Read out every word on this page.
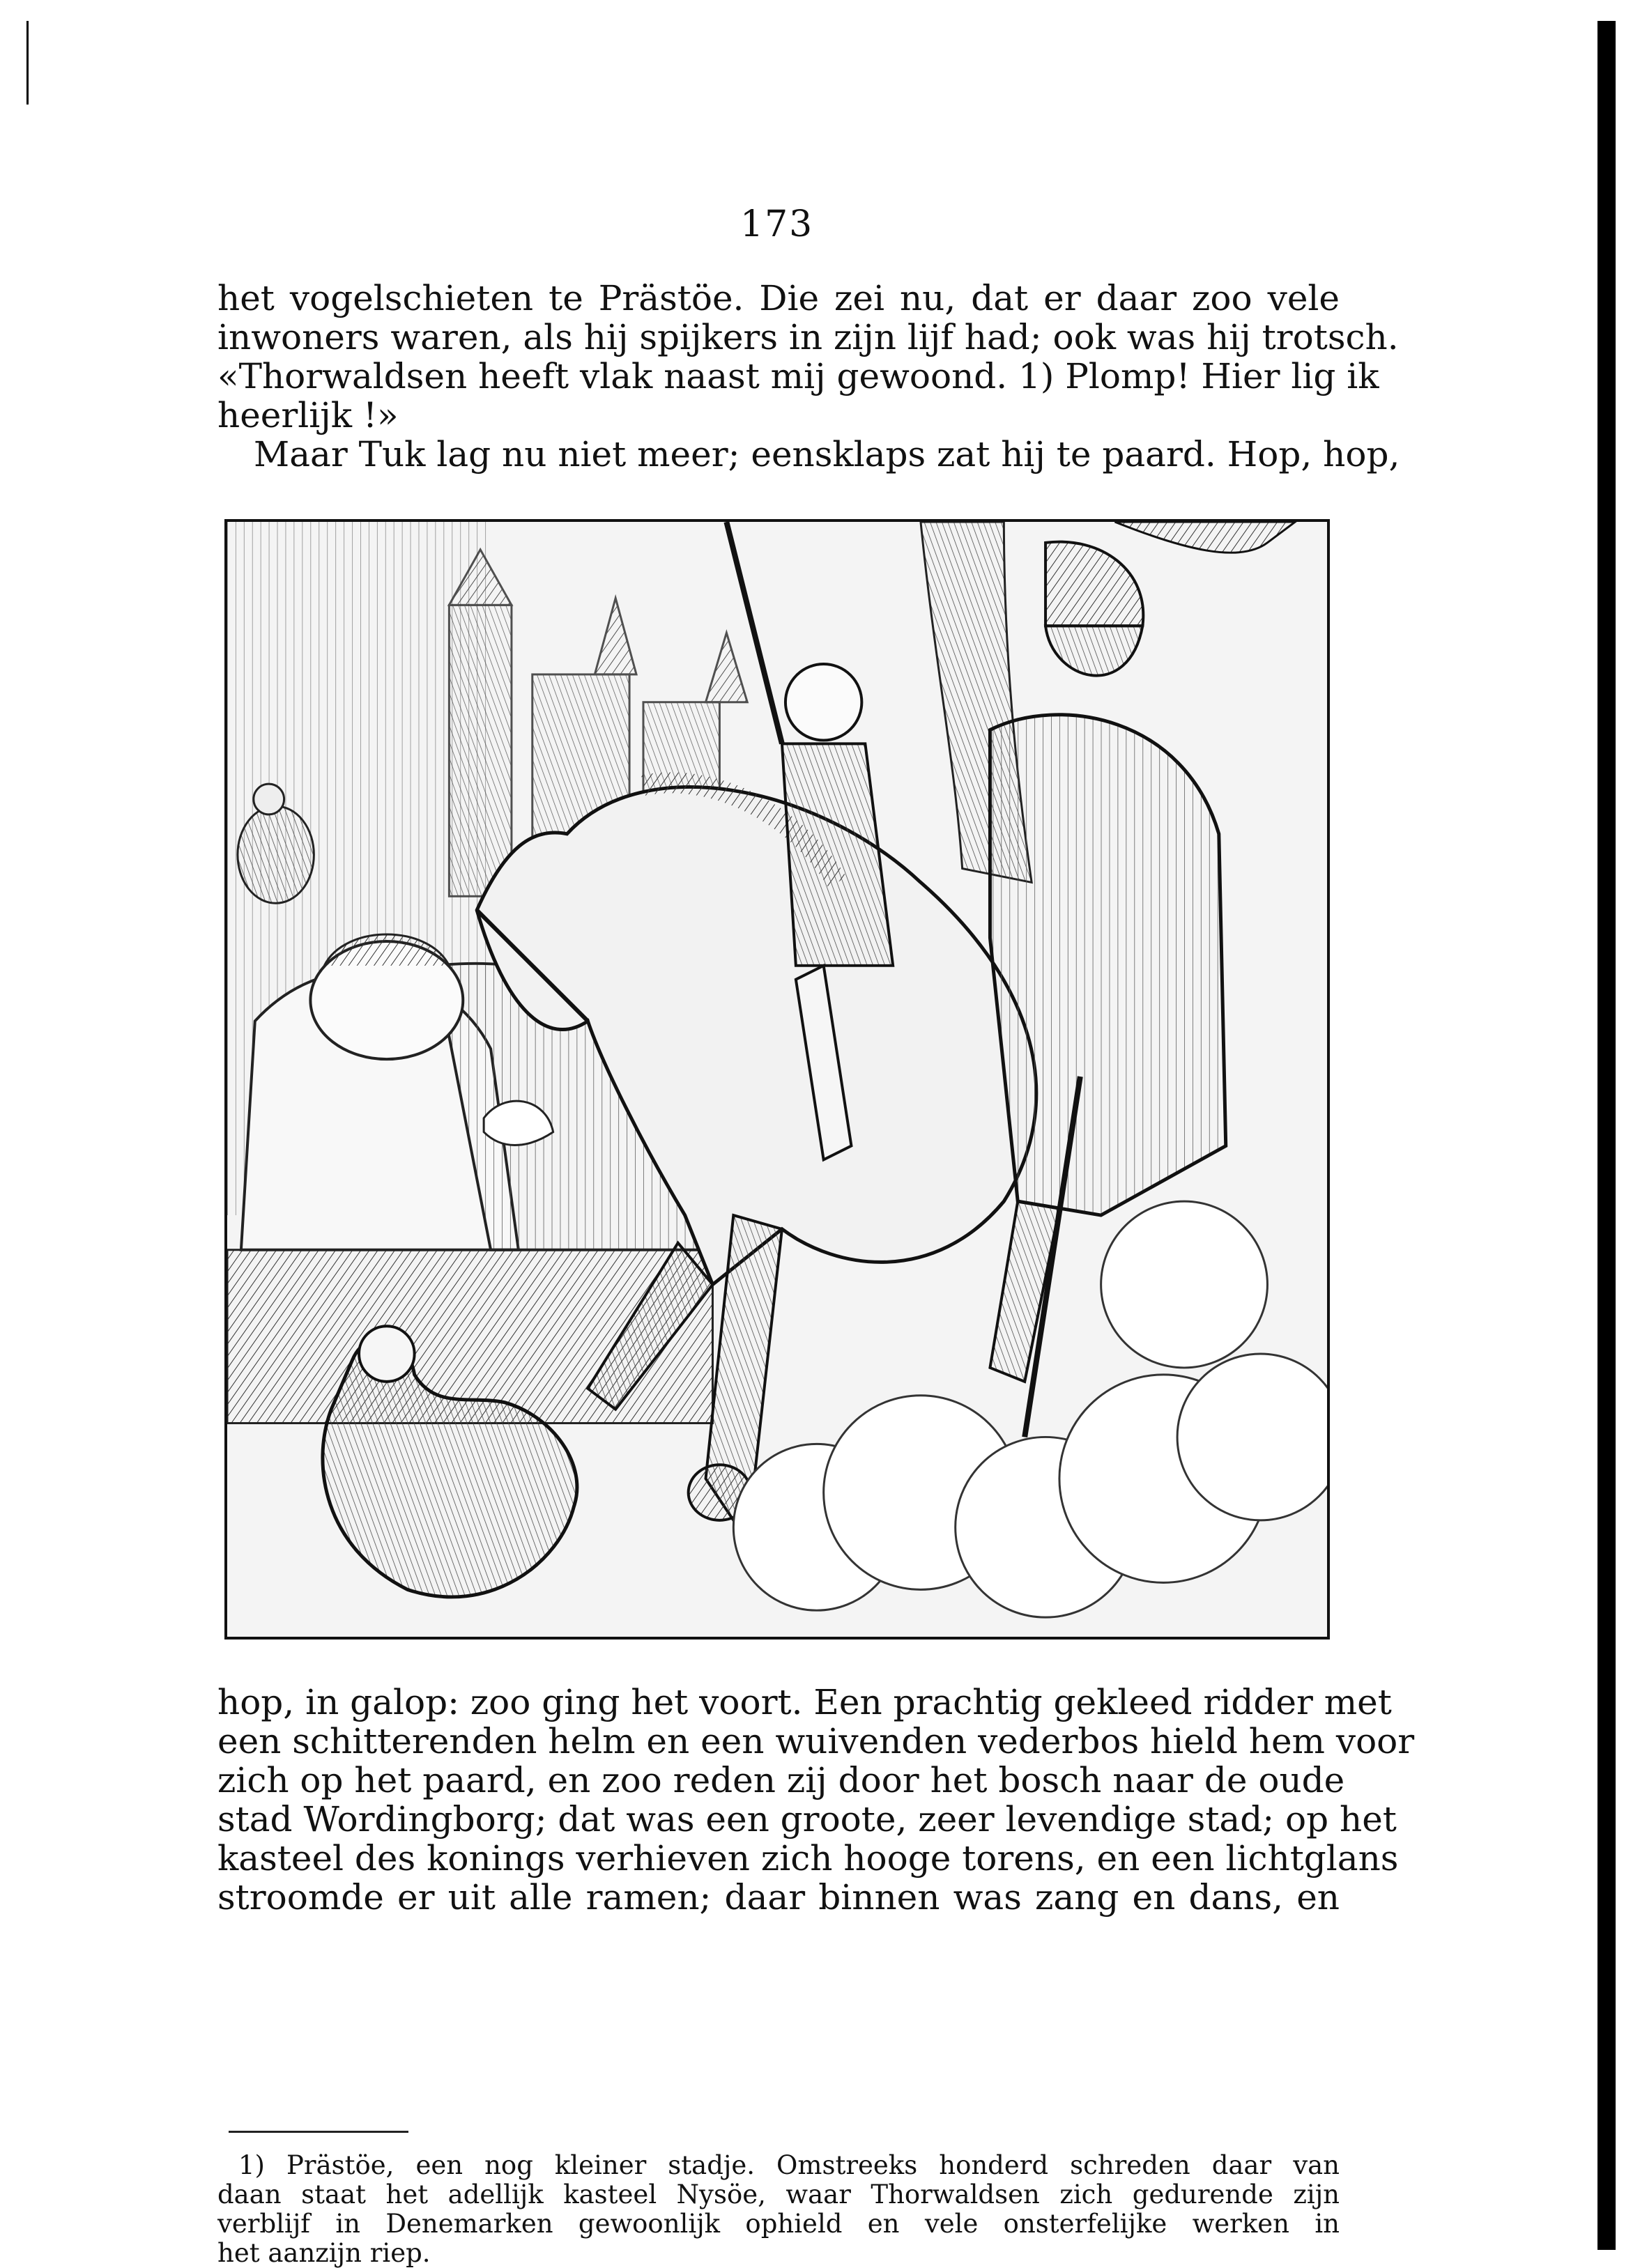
173

het vogelschieten te Prästöe. Die zei nu, dat er daar zoo vele
inwoners waren, als hij spijkers in zijn lijf had; ook was hij trotsch.
«Thorwaldsen heeft vlak naast mij gewoond. 1) Plomp! Hier lig ik
heerlijk !»
Maar Tuk lag nu niet meer; eensklaps zat hij te paard. Hop, hop,

hop, in galop: zoo ging het voort. Een prachtig gekleed ridder met
een schitterenden helm en een wuivenden vederbos hield hem voor
zich op het paard, en zoo reden zij door het bosch naar de oude
stad Wordingborg; dat was een groote, zeer levendige stad; op het
kasteel des konings verhieven zich hooge torens, en een lichtglans
stroomde er uit alle ramen; daar binnen was zang en dans, en

1) Prästöe, een nog kleiner stadje. Omstreeks honderd schreden daar van
daan staat het adellijk kasteel Nysöe, waar Thorwaldsen zich gedurende zijn
verblijf in Denemarken gewoonlijk ophield en vele onsterfelijke werken in
het aanzijn riep.
